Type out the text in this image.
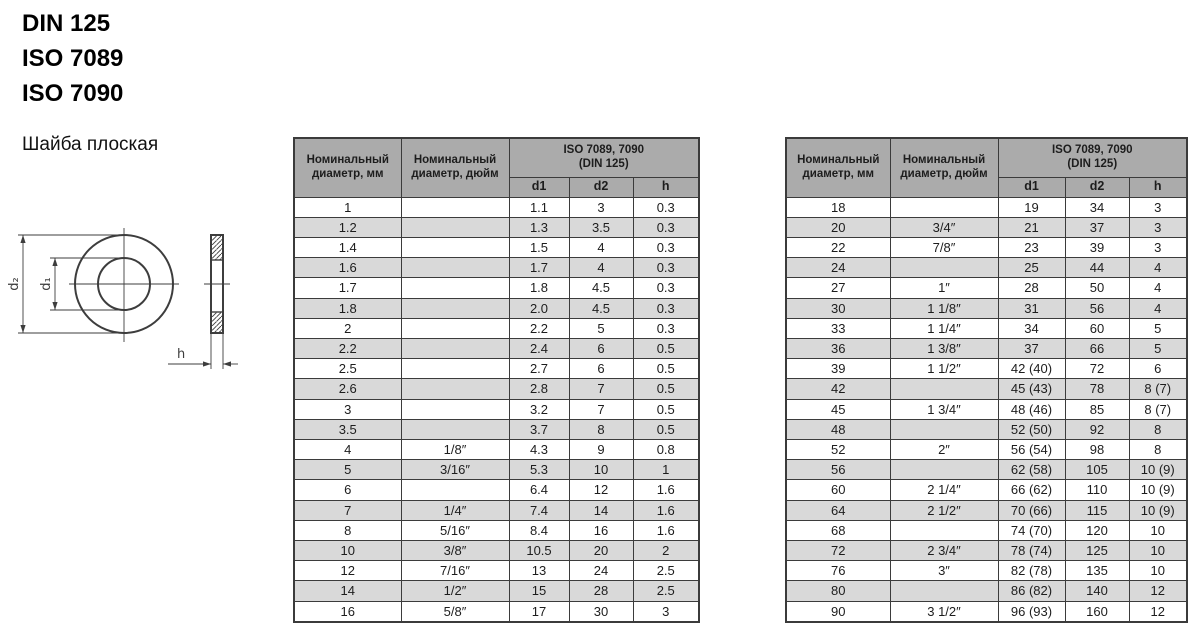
DIN 125
ISO 7089
ISO 7090
Шайба плоская
d₂ d₁
h
Номинальный диаметр, мм	Номинальный диаметр, дюйм	ISO 7089, 7090
(DIN 125)		

		d1	d2	h
1		1.1	3	0.3
1.2		1.3	3.5	0.3
1.4		1.5	4	0.3
1.6		1.7	4	0.3
1.7		1.8	4.5	0.3
1.8		2.0	4.5	0.3
2		2.2	5	0.3
2.2		2.4	6	0.5
2.5		2.7	6	0.5
2.6		2.8	7	0.5
3		3.2	7	0.5
3.5		3.7	8	0.5
4	1/8″	4.3	9	0.8
5	3/16″	5.3	10	1
6		6.4	12	1.6
7	1/4″	7.4	14	1.6
8	5/16″	8.4	16	1.6
10	3/8″	10.5	20	2
12	7/16″	13	24	2.5
14	1/2″	15	28	2.5
16	5/8″	17	30	3
Номинальный диаметр, мм	Номинальный диаметр, дюйм	ISO 7089, 7090
(DIN 125)		

		d1	d2	h
18		19	34	3
20	3/4″	21	37	3
22	7/8″	23	39	3
24		25	44	4
27	1″	28	50	4
30	1 1/8″	31	56	4
33	1 1/4″	34	60	5
36	1 3/8″	37	66	5
39	1 1/2″	42 (40)	72	6
42		45 (43)	78	8 (7)
45	1 3/4″	48 (46)	85	8 (7)
48		52 (50)	92	8
52	2″	56 (54)	98	8
56		62 (58)	105	10 (9)
60	2 1/4″	66 (62)	110	10 (9)
64	2 1/2″	70 (66)	115	10 (9)
68		74 (70)	120	10
72	2 3/4″	78 (74)	125	10
76	3″	82 (78)	135	10
80		86 (82)	140	12
90	3 1/2″	96 (93)	160	12
